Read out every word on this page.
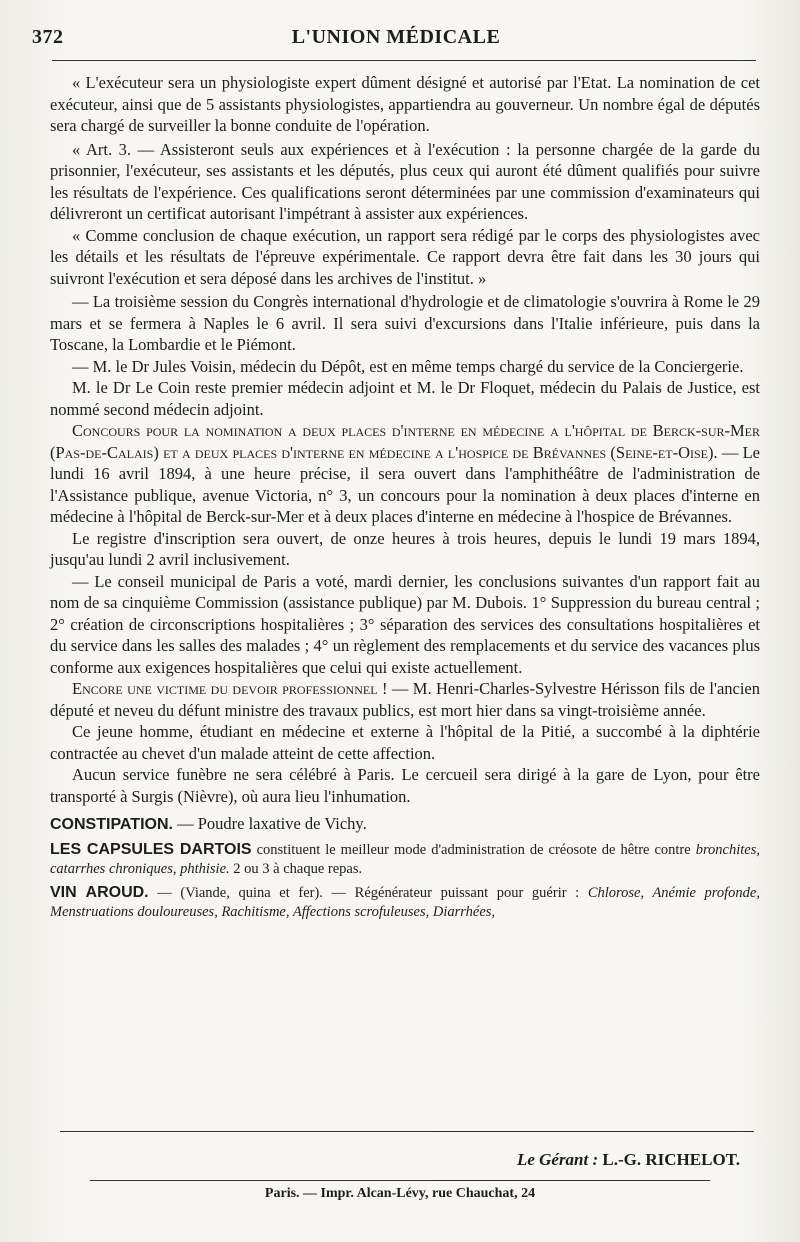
372	L'UNION MÉDICALE

« L'exécuteur sera un physiologiste expert dûment désigné et autorisé par l'Etat. La nomination de cet exécuteur, ainsi que de 5 assistants physiologistes, appartiendra au gouverneur. Un nombre égal de députés sera chargé de surveiller la bonne conduite de l'opération.

« Art. 3. — Assisteront seuls aux expériences et à l'exécution : la personne chargée de la garde du prisonnier, l'exécuteur, ses assistants et les députés, plus ceux qui auront été dûment qualifiés pour suivre les résultats de l'expérience. Ces qualifications seront déterminées par une commission d'examinateurs qui délivreront un certificat autorisant l'impétrant à assister aux expériences.

« Comme conclusion de chaque exécution, un rapport sera rédigé par le corps des physiologistes avec les détails et les résultats de l'épreuve expérimentale. Ce rapport devra être fait dans les 30 jours qui suivront l'exécution et sera déposé dans les archives de l'institut. »

— La troisième session du Congrès international d'hydrologie et de climatologie s'ouvrira à Rome le 29 mars et se fermera à Naples le 6 avril. Il sera suivi d'excursions dans l'Italie inférieure, puis dans la Toscane, la Lombardie et le Piémont.

— M. le Dr Jules Voisin, médecin du Dépôt, est en même temps chargé du service de la Conciergerie.

M. le Dr Le Coin reste premier médecin adjoint et M. le Dr Floquet, médecin du Palais de Justice, est nommé second médecin adjoint.

Concours pour la nomination a deux places d'interne en médecine a l'hôpital de Berck-sur-Mer (Pas-de-Calais) et a deux places d'interne en médecine a l'hospice de Brévannes (Seine-et-Oise). — Le lundi 16 avril 1894, à une heure précise, il sera ouvert dans l'amphithéâtre de l'administration de l'Assistance publique, avenue Victoria, n° 3, un concours pour la nomination à deux places d'interne en médecine à l'hôpital de Berck-sur-Mer et à deux places d'interne en médecine à l'hospice de Brévannes.

Le registre d'inscription sera ouvert, de onze heures à trois heures, depuis le lundi 19 mars 1894, jusqu'au lundi 2 avril inclusivement.

— Le conseil municipal de Paris a voté, mardi dernier, les conclusions suivantes d'un rapport fait au nom de sa cinquième Commission (assistance publique) par M. Dubois. 1° Suppression du bureau central ; 2° création de circonscriptions hospitalières ; 3° séparation des services des consultations hospitalières et du service dans les salles des malades ; 4° un règlement des remplacements et du service des vacances plus conforme aux exigences hospitalières que celui qui existe actuellement.

Encore une victime du devoir professionnel ! — M. Henri-Charles-Sylvestre Hérisson fils de l'ancien député et neveu du défunt ministre des travaux publics, est mort hier dans sa vingt-troisième année.

Ce jeune homme, étudiant en médecine et externe à l'hôpital de la Pitié, a succombé à la diphtérie contractée au chevet d'un malade atteint de cette affection.

Aucun service funèbre ne sera célébré à Paris. Le cercueil sera dirigé à la gare de Lyon, pour être transporté à Surgis (Nièvre), où aura lieu l'inhumation.

CONSTIPATION. — Poudre laxative de Vichy.

LES CAPSULES DARTOIS constituent le meilleur mode d'administration de créosote de hêtre contre bronchites, catarrhes chroniques, phthisie. 2 ou 3 à chaque repas.

VIN AROUD. — (Viande, quina et fer). — Régénérateur puissant pour guérir : Chlorose, Anémie profonde, Menstruations douloureuses, Rachitisme, Affections scrofuleuses, Diarrhées,

Le Gérant : L.-G. RICHELOT.
Paris. — Impr. Alcan-Lévy, rue Chauchat, 24
